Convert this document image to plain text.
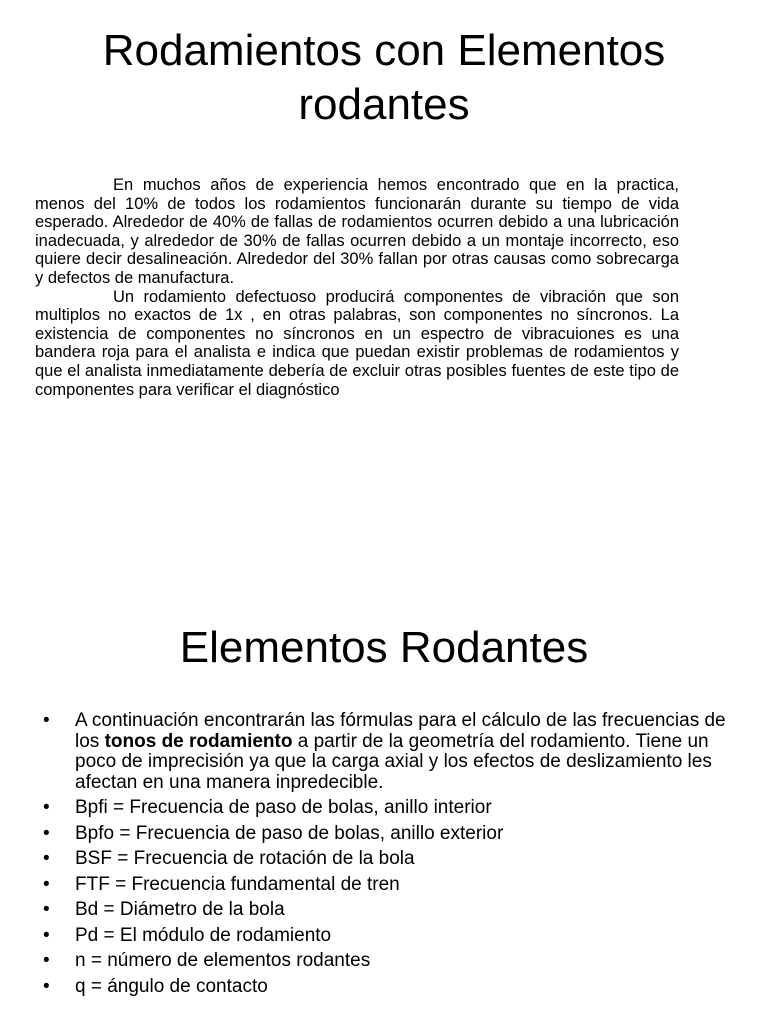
Rodamientos con Elementos rodantes

En muchos años de experiencia hemos encontrado que en la practica, menos del 10% de todos los rodamientos funcionarán durante su tiempo de vida esperado. Alrededor de 40% de fallas de rodamientos ocurren debido a una lubricación inadecuada, y alrededor de 30% de fallas ocurren debido a un montaje incorrecto, eso quiere decir desalineación. Alrededor del 30% fallan por otras causas como sobrecarga y defectos de manufactura.

Un rodamiento defectuoso producirá componentes de vibración que son multiplos no exactos de 1x , en otras palabras, son componentes no síncronos. La existencia de componentes no síncronos en un espectro de vibracuiones es una bandera roja para el analista e indica que puedan existir problemas de rodamientos y que el analista inmediatamente debería de excluir otras posibles fuentes de este tipo de componentes para verificar el diagnóstico

Elementos Rodantes
• A continuación encontrarán las fórmulas para el cálculo de las frecuencias de los tonos de rodamiento a partir de la geometría del rodamiento. Tiene un poco de imprecisión ya que la carga axial y los efectos de deslizamiento les afectan en una manera inpredecible.
• Bpfi = Frecuencia de paso de bolas, anillo interior
• Bpfo = Frecuencia de paso de bolas, anillo exterior
• BSF = Frecuencia de rotación de la bola
• FTF = Frecuencia fundamental de tren
• Bd = Diámetro de la bola
• Pd = El módulo de rodamiento
• n = número de elementos rodantes
• q = ángulo de contacto
